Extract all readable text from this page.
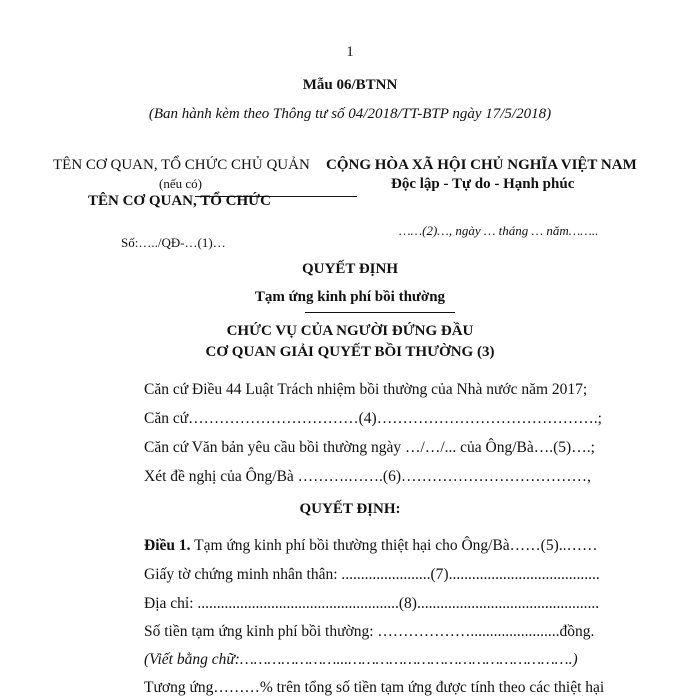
1
Mẫu 06/BTNN
(Ban hành kèm theo Thông tư số 04/2018/TT-BTP ngày 17/5/2018)
TÊN CƠ QUAN, TỔ CHỨC CHỦ QUẢN
(nếu có)
TÊN CƠ QUAN, TỔ CHỨC
CỘNG HÒA XÃ HỘI CHỦ NGHĨA VIỆT NAM
Độc lập - Tự do - Hạnh phúc
Số:…../QĐ-…(1)…
……(2)…, ngày … tháng … năm……..
QUYẾT ĐỊNH
Tạm ứng kinh phí bồi thường
CHỨC VỤ CỦA NGƯỜI ĐỨNG ĐẦU
CƠ QUAN GIẢI QUYẾT BỒI THƯỜNG (3)
Căn cứ Điều 44 Luật Trách nhiệm bồi thường của Nhà nước năm 2017;
Căn cứ……………………………(4)…………………………………….;
Căn cứ Văn bản yêu cầu bồi thường ngày …/…/... của Ông/Bà….(5)….;
Xét đề nghị của Ông/Bà ……….…….(6)………………………………,
QUYẾT ĐỊNH:
Điều 1. Tạm ứng kinh phí bồi thường thiệt hại cho Ông/Bà……(5)..……
Giấy tờ chứng minh nhân thân: .......................(7).......................................
Địa chỉ: ....................................................(8)...............................................
Số tiền tạm ứng kinh phí bồi thường: ……………….......................đồng.
(Viết bằng chữ:…………………...………………………………………….)
Tương ứng………% trên tổng số tiền tạm ứng được tính theo các thiệt hại
